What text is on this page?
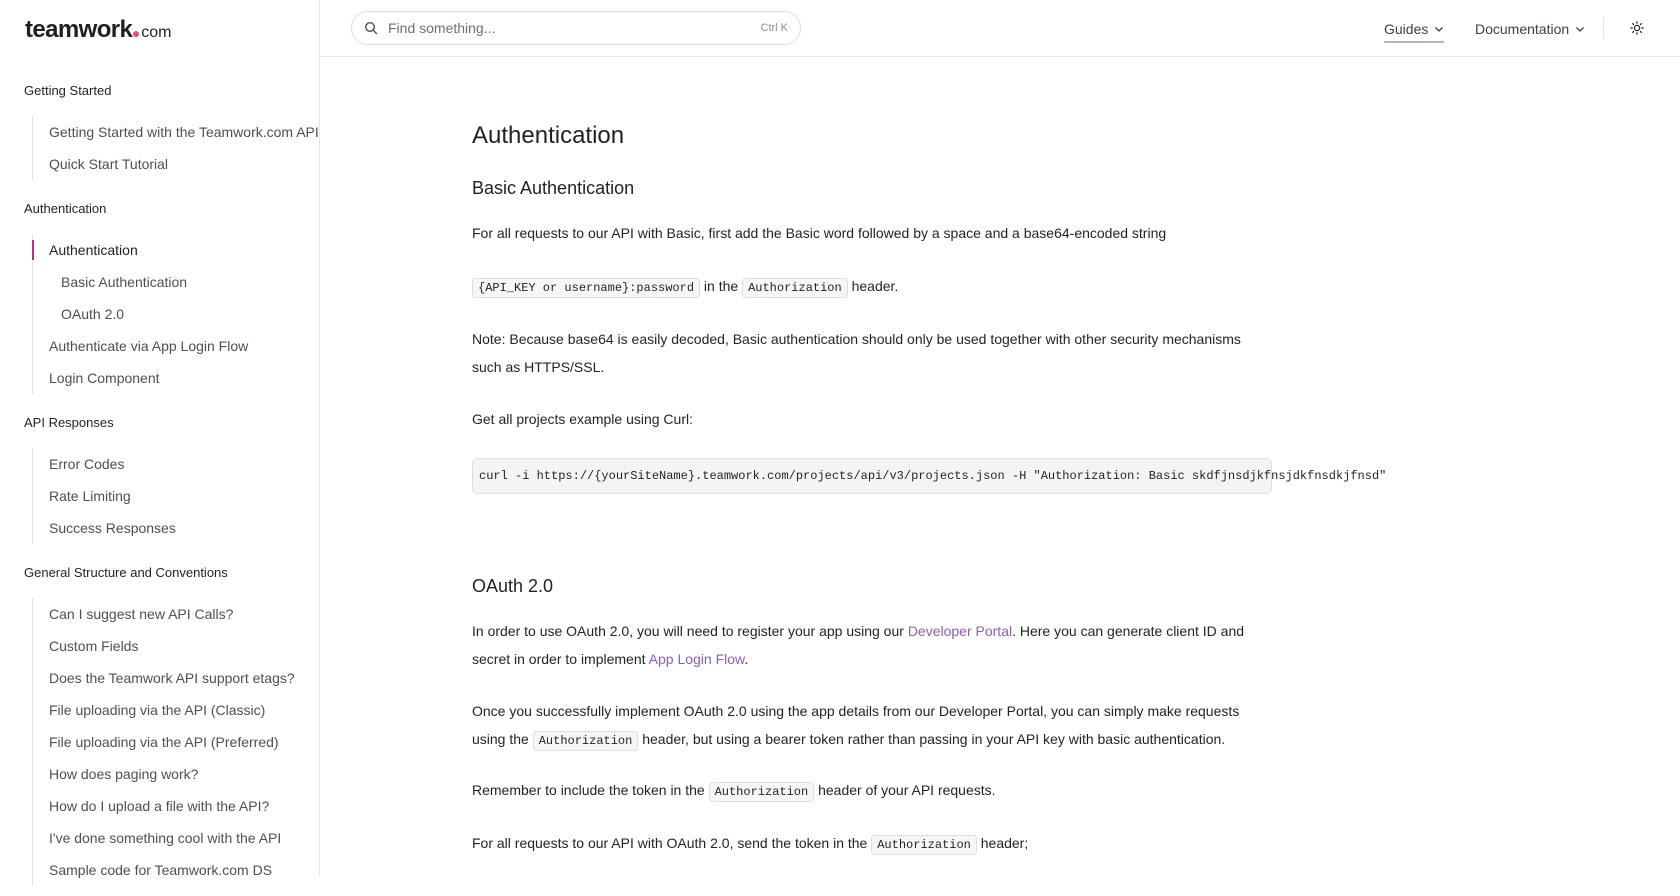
teamwork com
Getting Started
Getting Started with the Teamwork.com API
Quick Start Tutorial
Authentication
Authentication
Basic Authentication
OAuth 2.0
Authenticate via App Login Flow
Login Component
API Responses
Error Codes
Rate Limiting
Success Responses
General Structure and Conventions
Can I suggest new API Calls?
Custom Fields
Does the Teamwork API support etags?
File uploading via the API (Classic)
File uploading via the API (Preferred)
How does paging work?
How do I upload a file with the API?
I've done something cool with the API
Sample code for Teamwork.com DS
Find something...	Ctrl K	Guides	Documentation
Authentication
Basic Authentication

For all requests to our API with Basic, first add the Basic word followed by a space and a base64-encoded string

{API_KEY or username}:password in the Authorization header.

Note: Because base64 is easily decoded, Basic authentication should only be used together with other security mechanisms such as HTTPS/SSL.

Get all projects example using Curl:

curl -i https://{yourSiteName}.teamwork.com/projects/api/v3/projects.json -H "Authorization: Basic skdfjnsdjkfnsjdkfnsdkjfnsd"
OAuth 2.0

In order to use OAuth 2.0, you will need to register your app using our Developer Portal. Here you can generate client ID and secret in order to implement App Login Flow.

Once you successfully implement OAuth 2.0 using the app details from our Developer Portal, you can simply make requests using the Authorization header, but using a bearer token rather than passing in your API key with basic authentication.

Remember to include the token in the Authorization header of your API requests.

For all requests to our API with OAuth 2.0, send the token in the Authorization header;
